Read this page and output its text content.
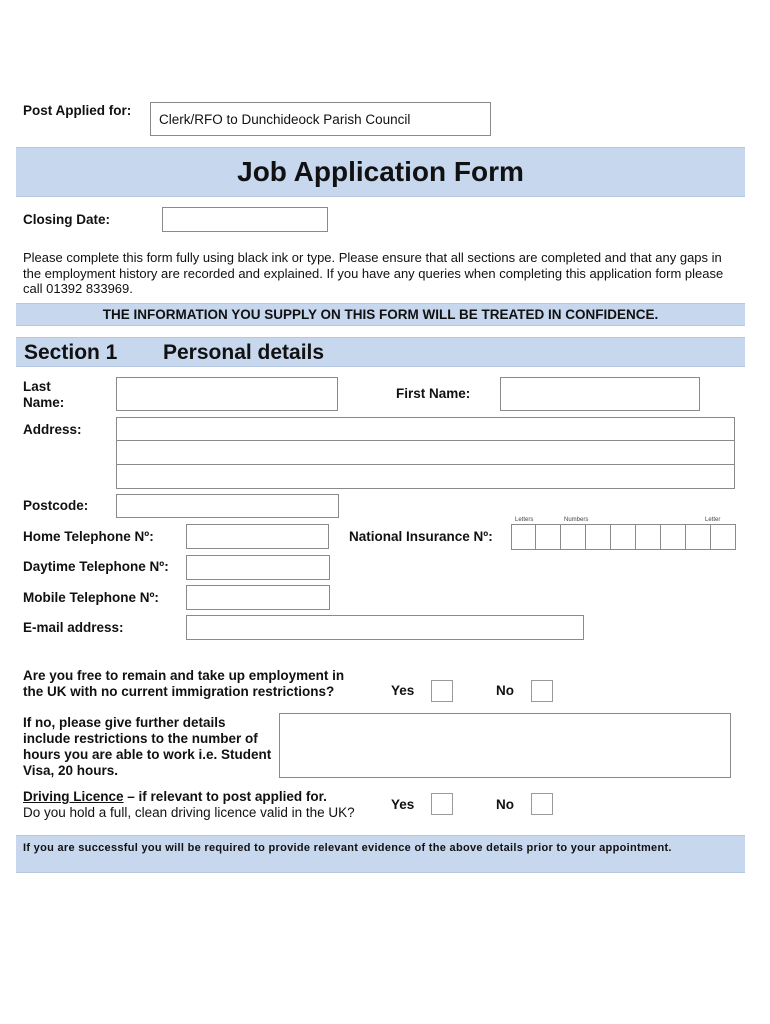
Post Applied for:
Clerk/RFO to Dunchideock Parish Council
Job Application Form
Closing Date:
Please complete this form fully using black ink or type. Please ensure that all sections are completed and that any gaps in the employment history are recorded and explained. If you have any queries when completing this application form please call 01392 833969.
THE INFORMATION YOU SUPPLY ON THIS FORM WILL BE TREATED IN CONFIDENCE.
Section 1 Personal details
Last Name:
First Name:
Address:
Postcode:
Home Telephone Nº:	National Insurance Nº:
Letters	Numbers	Letter
Daytime Telephone Nº:
Mobile Telephone Nº:
E-mail address:
Are you free to remain and take up employment in the UK with no current immigration restrictions?	Yes	No
If no, please give further details include restrictions to the number of hours you are able to work i.e. Student Visa, 20 hours.
Driving Licence – if relevant to post applied for.
Do you hold a full, clean driving licence valid in the UK?
Yes	No
If you are successful you will be required to provide relevant evidence of the above details prior to your appointment.
